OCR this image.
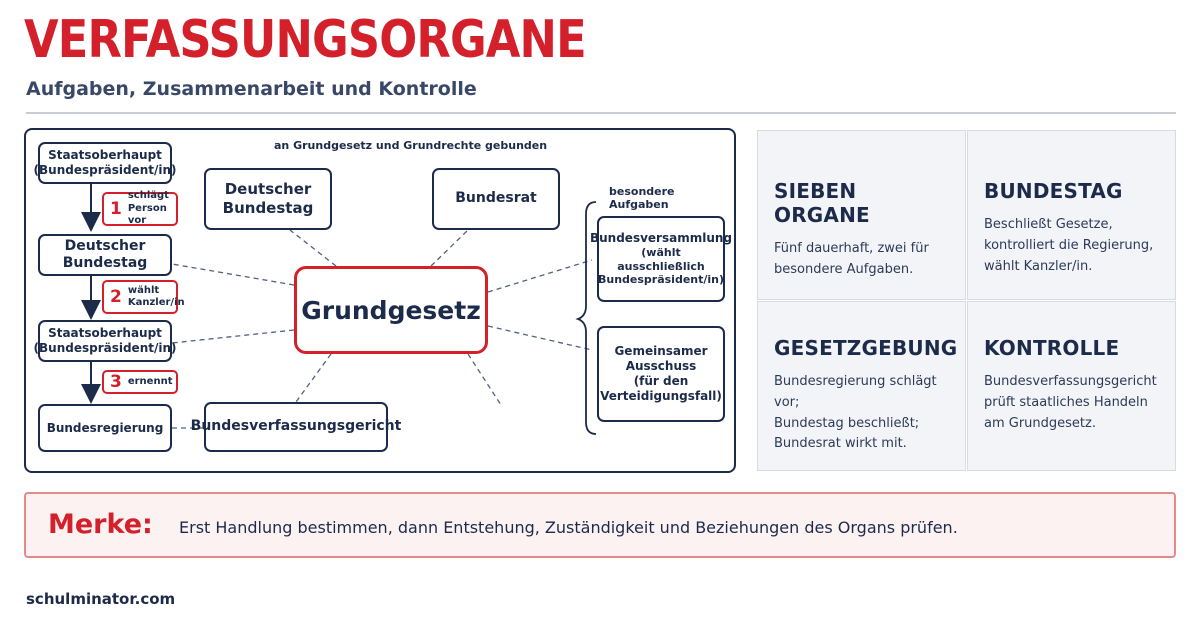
VERFASSUNGSORGANE
Aufgaben, Zusammenarbeit und Kontrolle
an Grundgesetz und Grundrechte gebunden
besondere Aufgaben
Staatsoberhaupt
(Bundespräsident/in)
1
schlägt
Person vor
Deutscher
Bundestag
2 wählt
Kanzler/in
Staatsoberhaupt
(Bundespräsident/in)
3 ernennt
Bundesregierung
Deutscher
Bundestag
Bundesrat
Bundesverfassungsgericht
Grundgesetz
Bundesversammlung
(wählt ausschließlich
Bundespräsident/in)
Gemeinsamer
Ausschuss
(für den
Verteidigungsfall)
SIEBEN ORGANE
Fünf dauerhaft, zwei für
besondere Aufgaben.
BUNDESTAG
Beschließt Gesetze,
kontrolliert die Regierung,
wählt Kanzler/in.
GESETZGEBUNG
Bundesregierung schlägt vor;
Bundestag beschließt;
Bundesrat wirkt mit.
KONTROLLE
Bundesverfassungsgericht
prüft staatliches Handeln
am Grundgesetz.
Merke: Erst Handlung bestimmen, dann Entstehung, Zuständigkeit und Beziehungen des Organs prüfen.
schulminator.com
